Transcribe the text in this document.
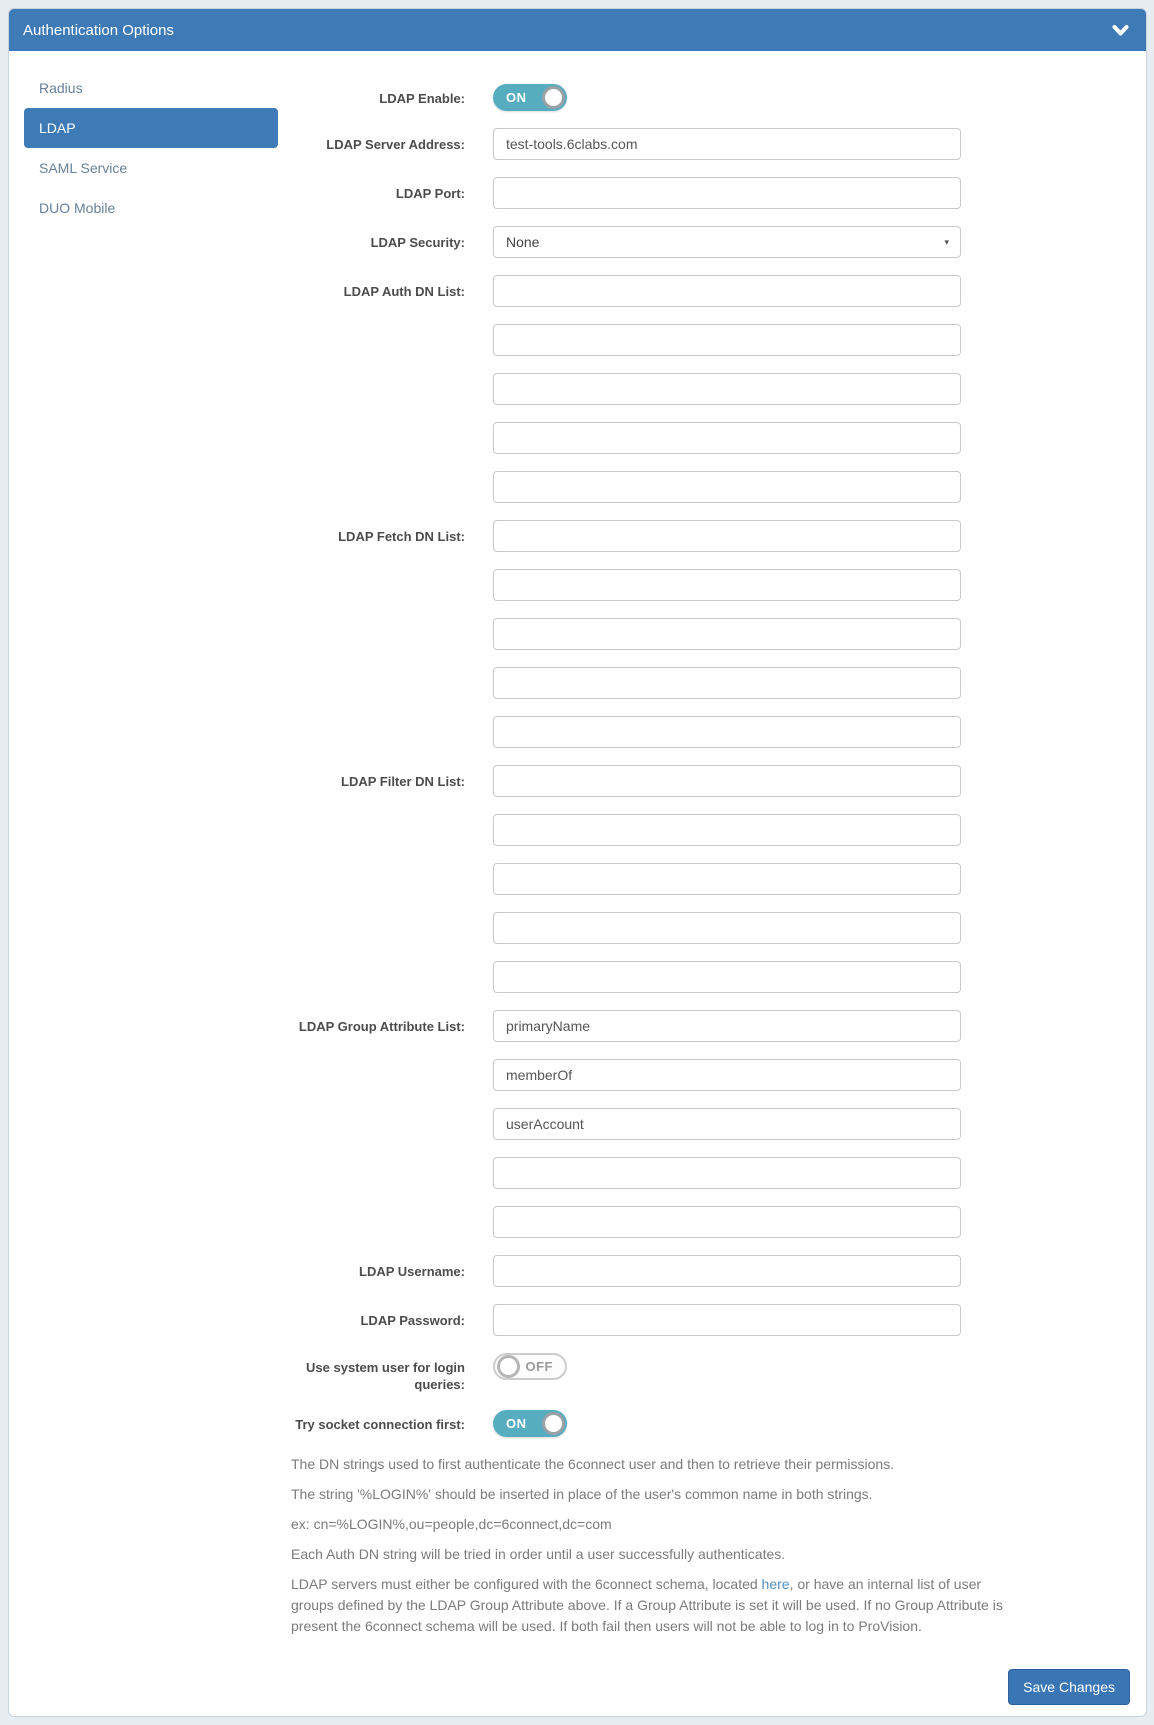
Authentication Options
Radius
LDAP
SAML Service
DUO Mobile
LDAP Enable:	ON
LDAP Server Address:
test-tools.6clabs.com
LDAP Port:
LDAP Security:	None	▾
LDAP Auth DN List:
LDAP Fetch DN List:
LDAP Filter DN List:
LDAP Group Attribute List:
primaryName
memberOf
userAccount
LDAP Username:
LDAP Password:
Use system user for login queries:
OFF
Try socket connection first:	ON

The DN strings used to first authenticate the 6connect user and then to retrieve their permissions.

The string '%LOGIN%' should be inserted in place of the user's common name in both strings.

ex: cn=%LOGIN%,ou=people,dc=6connect,dc=com

Each Auth DN string will be tried in order until a user successfully authenticates.

LDAP servers must either be configured with the 6connect schema, located here, or have an internal list of user groups defined by the LDAP Group Attribute above. If a Group Attribute is set it will be used. If no Group Attribute is present the 6connect schema will be used. If both fail then users will not be able to log in to ProVision.

Save Changes
